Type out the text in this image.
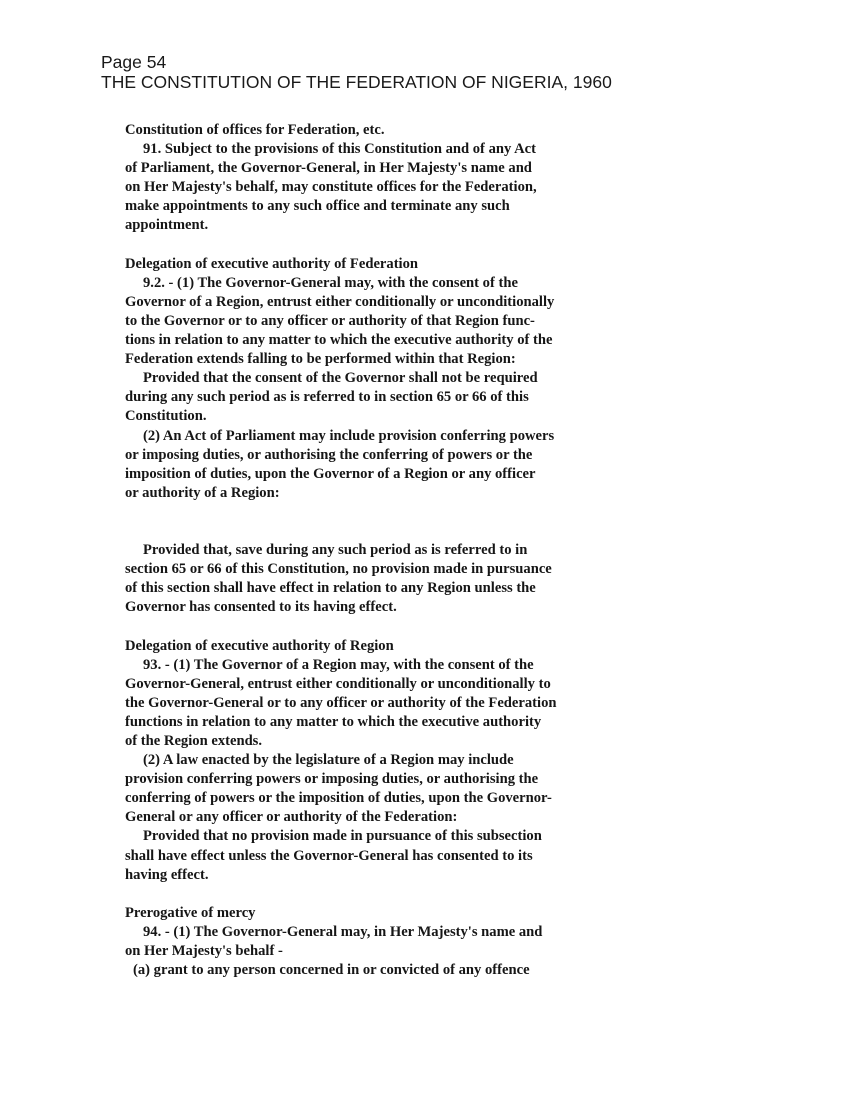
Page 54
THE CONSTITUTION OF THE FEDERATION OF NIGERIA, 1960
Constitution of offices for Federation, etc.
91. Subject to the provisions of this Constitution and of any Act
of Parliament, the Governor-General, in Her Majesty's name and
on Her Majesty's behalf, may constitute offices for the Federation,
make appointments to any such office and terminate any such
appointment.
Delegation of executive authority of Federation
9.2. - (1) The Governor-General may, with the consent of the
Governor of a Region, entrust either conditionally or unconditionally
to the Governor or to any officer or authority of that Region func-
tions in relation to any matter to which the executive authority of the
Federation extends falling to be performed within that Region:
Provided that the consent of the Governor shall not be required
during any such period as is referred to in section 65 or 66 of this
Constitution.
(2) An Act of Parliament may include provision conferring powers
or imposing duties, or authorising the conferring of powers or the
imposition of duties, upon the Governor of a Region or any officer
or authority of a Region:
Provided that, save during any such period as is referred to in
section 65 or 66 of this Constitution, no provision made in pursuance
of this section shall have effect in relation to any Region unless the
Governor has consented to its having effect.
Delegation of executive authority of Region
93. - (1) The Governor of a Region may, with the consent of the
Governor-General, entrust either conditionally or unconditionally to
the Governor-General or to any officer or authority of the Federation
functions in relation to any matter to which the executive authority
of the Region extends.
(2) A law enacted by the legislature of a Region may include
provision conferring powers or imposing duties, or authorising the
conferring of powers or the imposition of duties, upon the Governor-
General or any officer or authority of the Federation:
Provided that no provision made in pursuance of this subsection
shall have effect unless the Governor-General has consented to its
having effect.
Prerogative of mercy
94. - (1) The Governor-General may, in Her Majesty's name and
on Her Majesty's behalf -
(a) grant to any person concerned in or convicted of any offence
